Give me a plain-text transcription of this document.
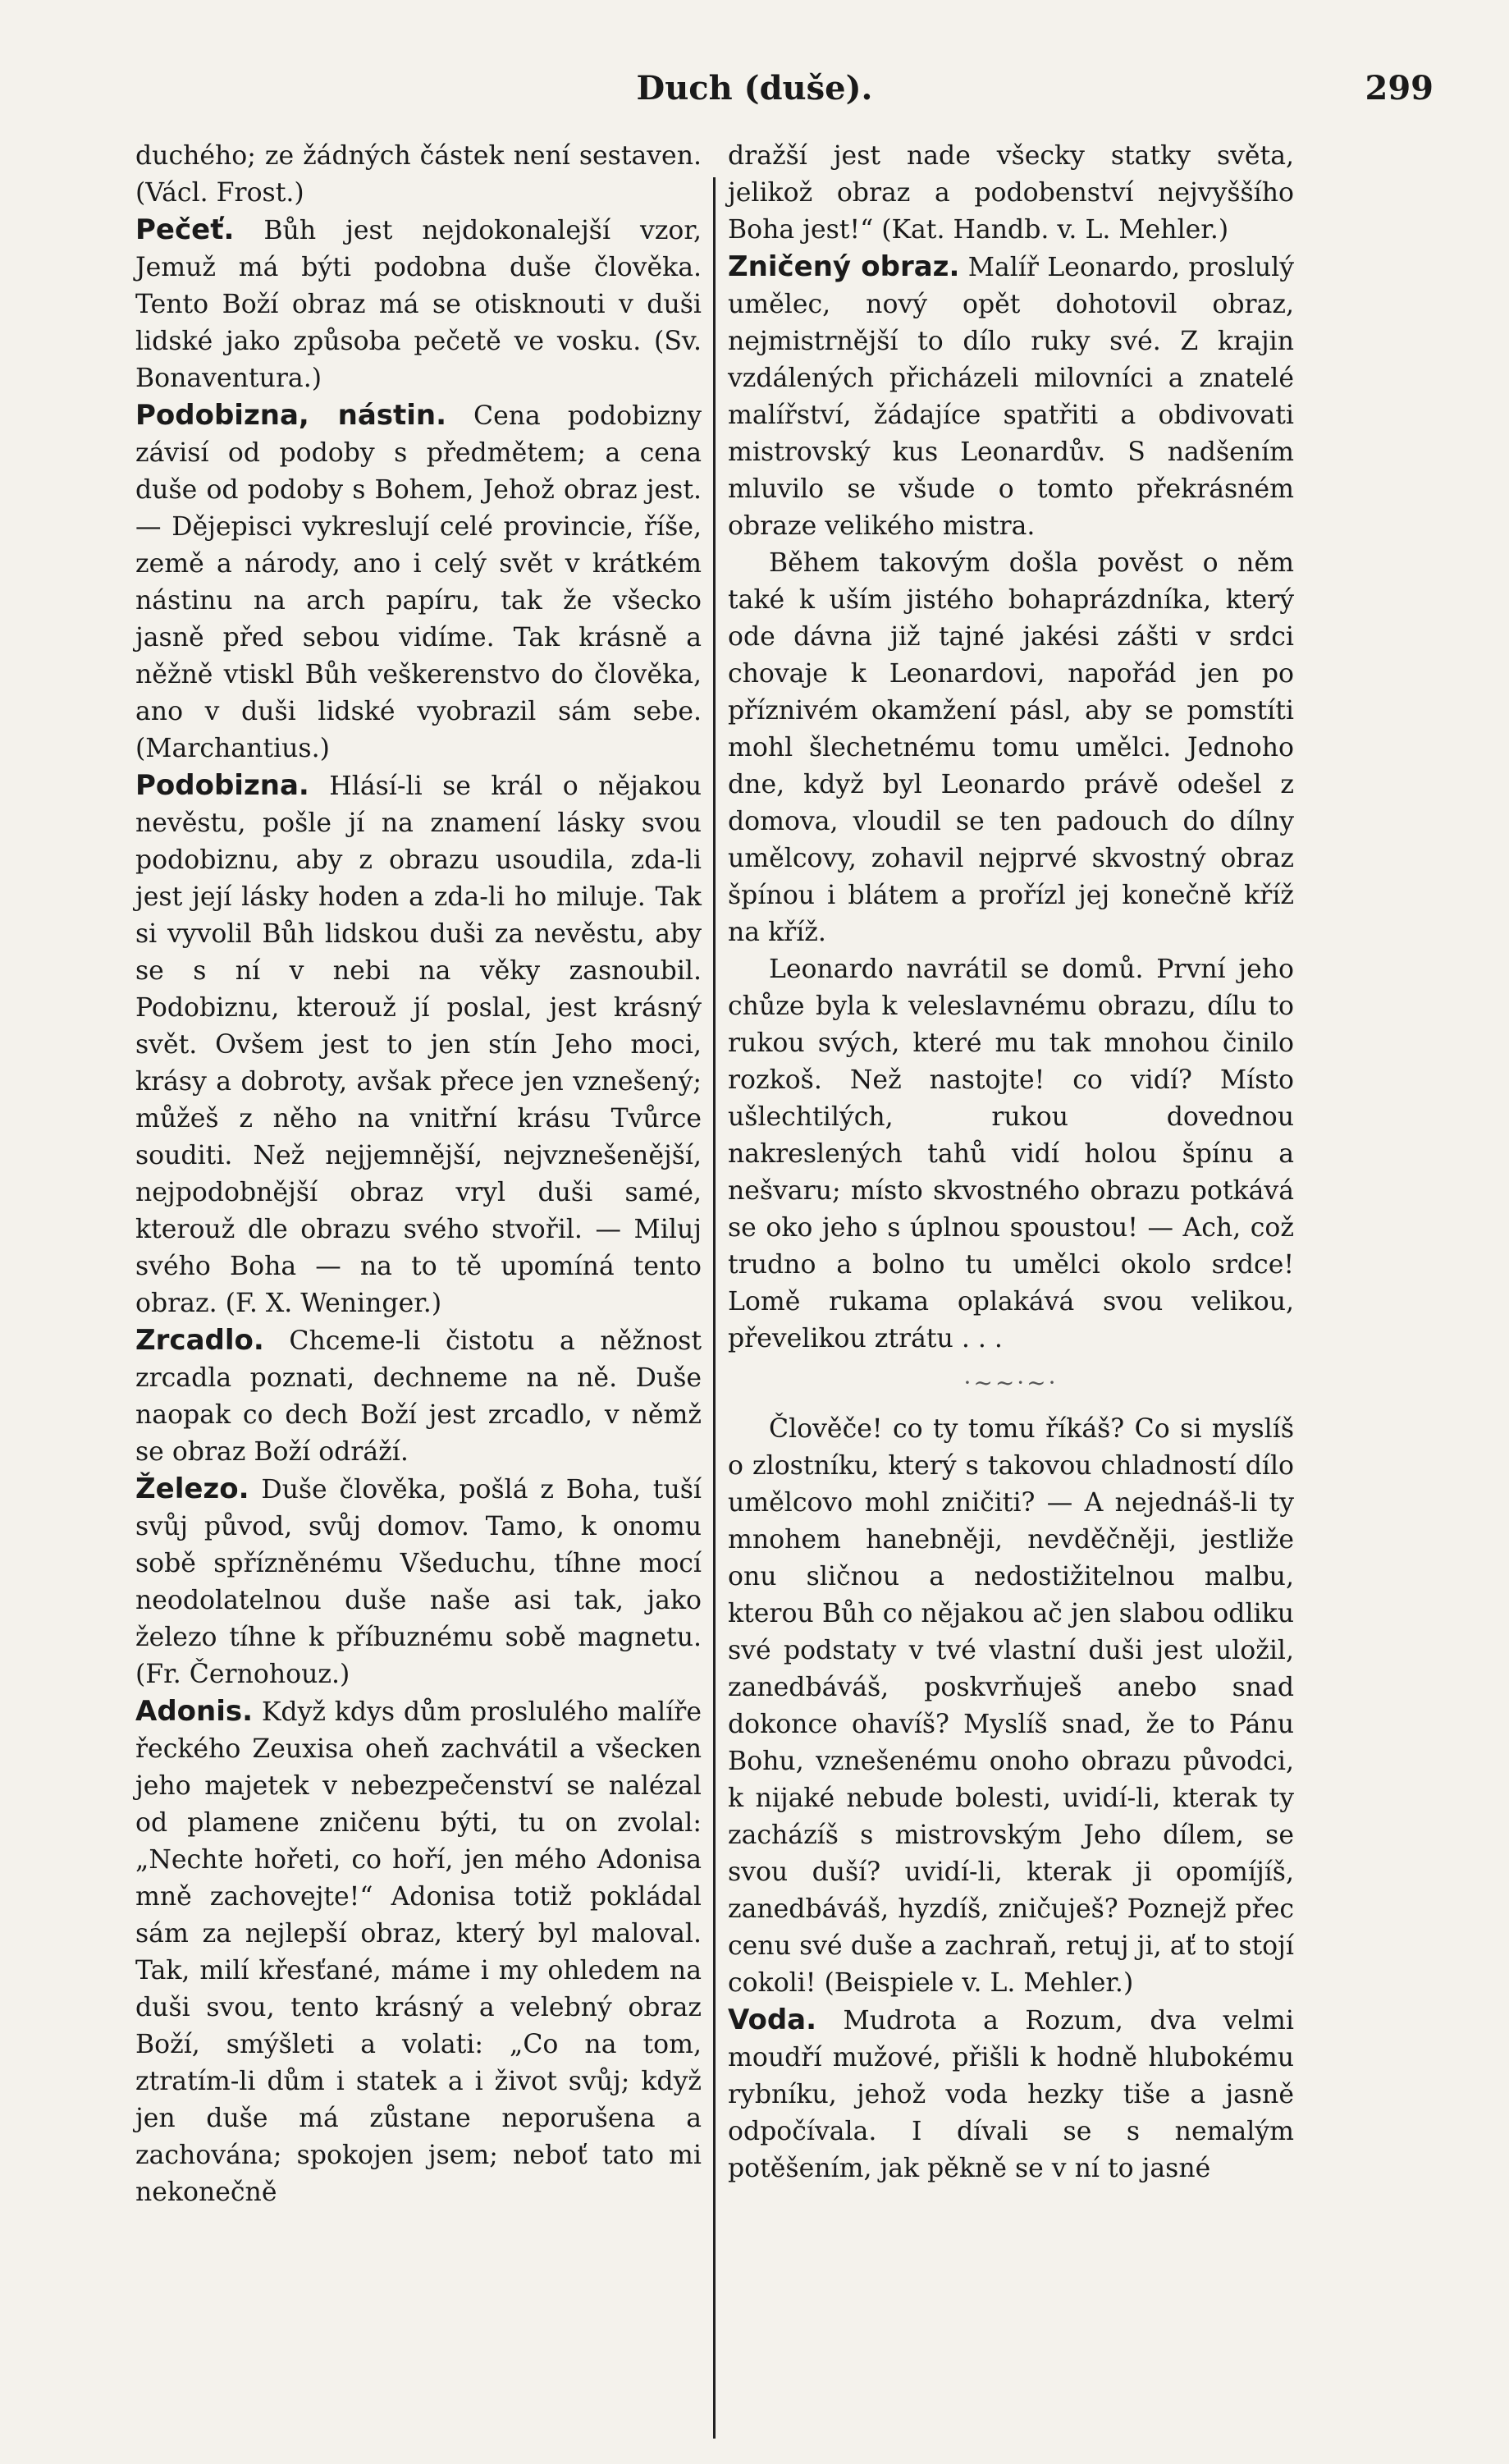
Duch (duše).	299

duchého; ze žádných částek není sestaven. (Václ. Frost.)

Pečeť. Bůh jest nejdokonalejší vzor, Jemuž má býti podobna duše člověka. Tento Boží obraz má se otisknouti v duši lidské jako způsoba pečetě ve vosku. (Sv. Bonaventura.)

Podobizna, nástin. Cena podobizny závisí od podoby s předmětem; a cena duše od podoby s Bohem, Jehož obraz jest. — Dějepisci vykreslují celé provincie, říše, země a národy, ano i celý svět v krátkém nástinu na arch papíru, tak že všecko jasně před sebou vidíme. Tak krásně a něžně vtiskl Bůh veškerenstvo do člověka, ano v duši lidské vyobrazil sám sebe. (Marchantius.)

Podobizna. Hlásí-li se král o nějakou nevěstu, pošle jí na znamení lásky svou podobiznu, aby z obrazu usoudila, zda-li jest její lásky hoden a zda-li ho miluje. Tak si vyvolil Bůh lidskou duši za nevěstu, aby se s ní v nebi na věky zasnoubil. Podobiznu, kterouž jí poslal, jest krásný svět. Ovšem jest to jen stín Jeho moci, krásy a dobroty, avšak přece jen vznešený; můžeš z něho na vnitřní krásu Tvůrce souditi. Než nejjemnější, nejvznešenější, nejpodobnější obraz vryl duši samé, kterouž dle obrazu svého stvořil. — Miluj svého Boha — na to tě upomíná tento obraz. (F. X. Weninger.)

Zrcadlo. Chceme-li čistotu a něžnost zrcadla poznati, dechneme na ně. Duše naopak co dech Boží jest zrcadlo, v němž se obraz Boží odráží.

Železo. Duše člověka, pošlá z Boha, tuší svůj původ, svůj domov. Tamo, k onomu sobě spřízněnému Všeduchu, tíhne mocí neodolatelnou duše naše asi tak, jako železo tíhne k příbuznému sobě magnetu. (Fr. Černohouz.)

Adonis. Když kdys dům proslulého malíře řeckého Zeuxisa oheň zachvátil a všecken jeho majetek v nebezpečenství se nalézal od plamene zničenu býti, tu on zvolal: „Nechte hořeti, co hoří, jen mého Adonisa mně zachovejte!“ Adonisa totiž pokládal sám za nejlepší obraz, který byl maloval. Tak, milí křesťané, máme i my ohledem na duši svou, tento krásný a velebný obraz Boží, smýšleti a volati: „Co na tom, ztratím-li dům i statek a i život svůj; když jen duše má zůstane neporušena a zachována; spokojen jsem; neboť tato mi nekonečně

dražší jest nade všecky statky světa, jelikož obraz a podobenství nejvyššího Boha jest!“ (Kat. Handb. v. L. Mehler.)

Zničený obraz. Malíř Leonardo, proslulý umělec, nový opět dohotovil obraz, nejmistrnější to dílo ruky své. Z krajin vzdálených přicházeli milovníci a znatelé malířství, žádajíce spatřiti a obdivovati mistrovský kus Leonardův. S nadšením mluvilo se všude o tomto překrásném obraze velikého mistra.

Během takovým došla pověst o něm také k uším jistého bohaprázdníka, který ode dávna již tajné jakési zášti v srdci chovaje k Leonardovi, napořád jen po příznivém okamžení pásl, aby se pomstíti mohl šlechetnému tomu umělci. Jednoho dne, když byl Leonardo právě odešel z domova, vloudil se ten padouch do dílny umělcovy, zohavil nejprvé skvostný obraz špínou i blátem a prořízl jej konečně kříž na kříž.

Leonardo navrátil se domů. První jeho chůze byla k veleslavnému obrazu, dílu to rukou svých, které mu tak mnohou činilo rozkoš. Než nastojte! co vidí? Místo ušlechtilých, rukou dovednou nakreslených tahů vidí holou špínu a nešvaru; místo skvostného obrazu potkává se oko jeho s úplnou spoustou! — Ach, což trudno a bolno tu umělci okolo srdce! Lomě rukama oplakává svou velikou, převelikou ztrátu . . .

·~~·~·

Člověče! co ty tomu říkáš? Co si myslíš o zlostníku, který s takovou chladností dílo umělcovo mohl zničiti? — A nejednáš-li ty mnohem hanebněji, nevděčněji, jestliže onu sličnou a nedostižitelnou malbu, kterou Bůh co nějakou ač jen slabou odliku své podstaty v tvé vlastní duši jest uložil, zanedbáváš, poskvrňuješ anebo snad dokonce ohavíš? Myslíš snad, že to Pánu Bohu, vznešenému onoho obrazu původci, k nijaké nebude bolesti, uvidí-li, kterak ty zacházíš s mistrovským Jeho dílem, se svou duší? uvidí-li, kterak ji opomíjíš, zanedbáváš, hyzdíš, zničuješ? Poznejž přec cenu své duše a zachraň, retuj ji, ať to stojí cokoli! (Beispiele v. L. Mehler.)

Voda. Mudrota a Rozum, dva velmi moudří mužové, přišli k hodně hlubokému rybníku, jehož voda hezky tiše a jasně odpočívala. I dívali se s nemalým potěšením, jak pěkně se v ní to jasné
